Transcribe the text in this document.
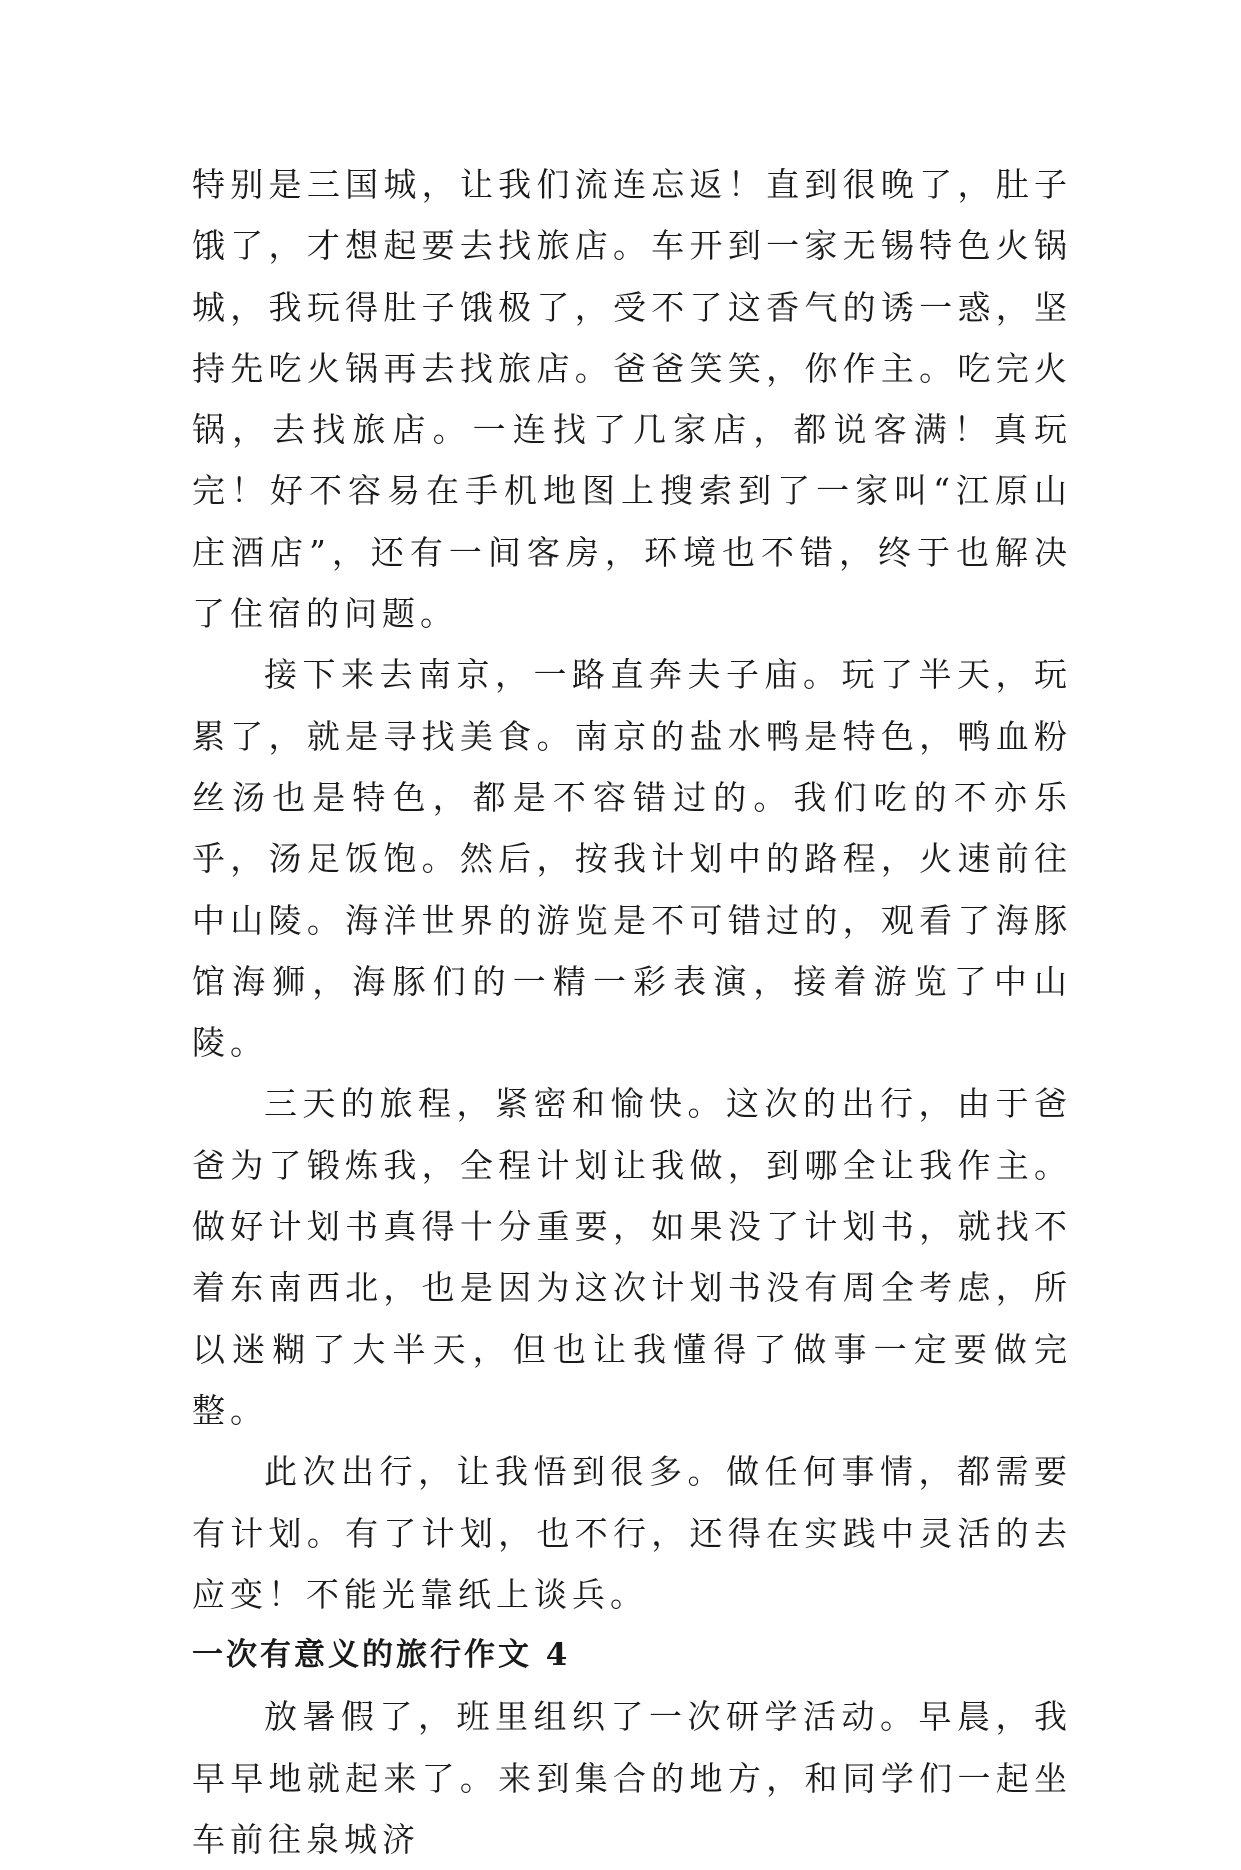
特别是三国城，让我们流连忘返！直到很晚了，肚子饿了，才想起要去找旅店。车开到一家无锡特色火锅城，我玩得肚子饿极了，受不了这香气的诱一惑，坚持先吃火锅再去找旅店。爸爸笑笑，你作主。吃完火锅，去找旅店。一连找了几家店，都说客满！真玩完！好不容易在手机地图上搜索到了一家叫“江原山庄酒店”，还有一间客房，环境也不错，终于也解决了住宿的问题。

接下来去南京，一路直奔夫子庙。玩了半天，玩累了，就是寻找美食。南京的盐水鸭是特色，鸭血粉丝汤也是特色，都是不容错过的。我们吃的不亦乐乎，汤足饭饱。然后，按我计划中的路程，火速前往中山陵。海洋世界的游览是不可错过的，观看了海豚馆海狮，海豚们的一精一彩表演，接着游览了中山陵。

三天的旅程，紧密和愉快。这次的出行，由于爸爸为了锻炼我，全程计划让我做，到哪全让我作主。做好计划书真得十分重要，如果没了计划书，就找不着东南西北，也是因为这次计划书没有周全考虑，所以迷糊了大半天，但也让我懂得了做事一定要做完整。

此次出行，让我悟到很多。做任何事情，都需要有计划。有了计划，也不行，还得在实践中灵活的去应变！不能光靠纸上谈兵。

一次有意义的旅行作文 4

放暑假了，班里组织了一次研学活动。早晨，我早早地就起来了。来到集合的地方，和同学们一起坐车前往泉城济
